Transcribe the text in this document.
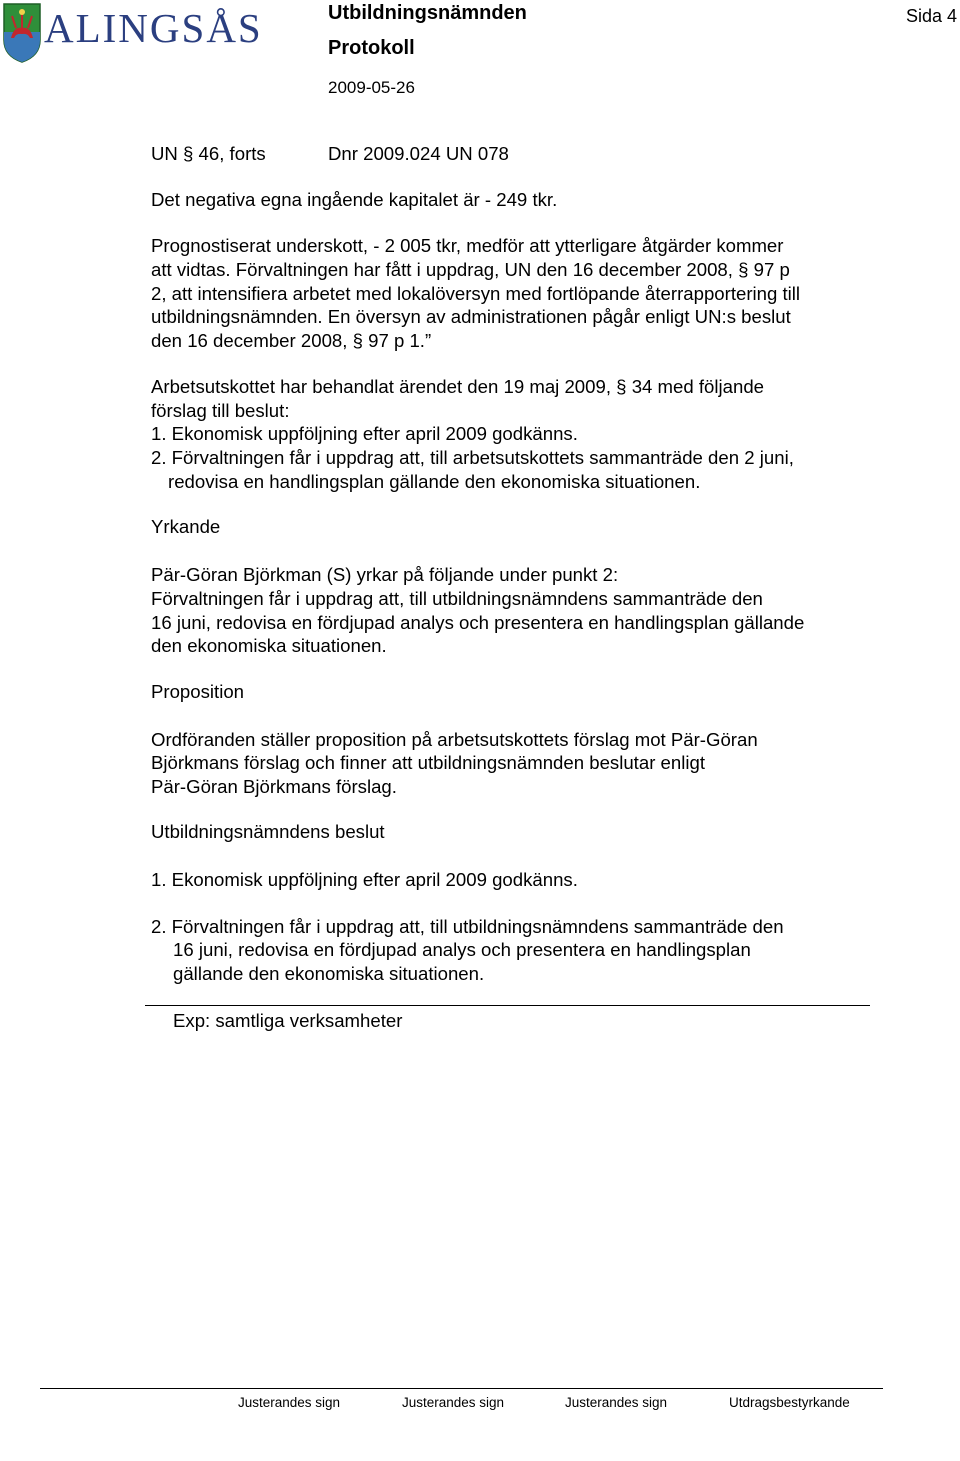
ALINGSÅS	Utbildningsnämnden
Protokoll
2009-05-26
Sida 4
UN § 46, forts	Dnr 2009.024 UN 078
Det negativa egna ingående kapitalet är - 249 tkr.
Prognostiserat underskott, - 2 005 tkr, medför att ytterligare åtgärder kommer
att vidtas. Förvaltningen har fått i uppdrag, UN den 16 december 2008, § 97 p
2, att intensifiera arbetet med lokalöversyn med fortlöpande återrapportering till
utbildningsnämnden. En översyn av administrationen pågår enligt UN:s beslut
den 16 december 2008, § 97 p 1.”
Arbetsutskottet har behandlat ärendet den 19 maj 2009, § 34 med följande
förslag till beslut:
1. Ekonomisk uppföljning efter april 2009 godkänns.
2. Förvaltningen får i uppdrag att, till arbetsutskottets sammanträde den 2 juni,
redovisa en handlingsplan gällande den ekonomiska situationen.
Yrkande
Pär-Göran Björkman (S) yrkar på följande under punkt 2:
Förvaltningen får i uppdrag att, till utbildningsnämndens sammanträde den
16 juni, redovisa en fördjupad analys och presentera en handlingsplan gällande
den ekonomiska situationen.
Proposition
Ordföranden ställer proposition på arbetsutskottets förslag mot Pär-Göran
Björkmans förslag och finner att utbildningsnämnden beslutar enligt
Pär-Göran Björkmans förslag.
Utbildningsnämndens beslut
1. Ekonomisk uppföljning efter april 2009 godkänns.
2. Förvaltningen får i uppdrag att, till utbildningsnämndens sammanträde den
16 juni, redovisa en fördjupad analys och presentera en handlingsplan
gällande den ekonomiska situationen.
Exp: samtliga verksamheter
Justerandes sign	Justerandes sign	Justerandes sign	Utdragsbestyrkande
